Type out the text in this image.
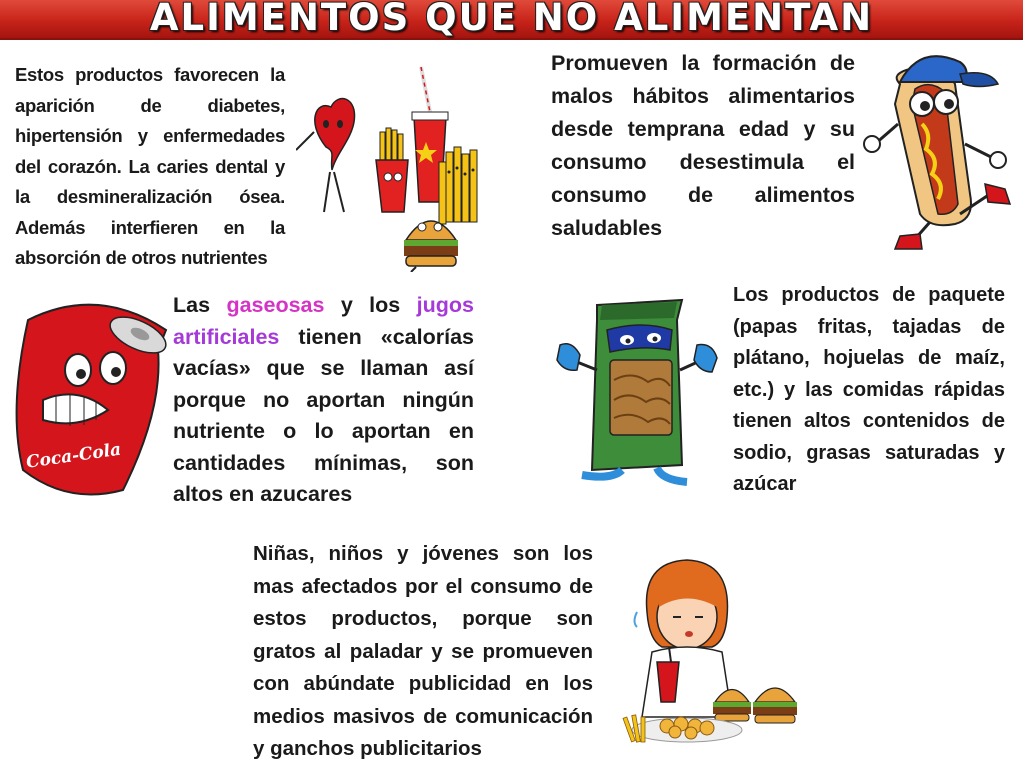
ALIMENTOS QUE NO ALIMENTAN
Estos productos favorecen la aparición de diabetes, hipertensión y enfermedades del corazón. La caries dental y la desmineralización ósea. Además interfieren en la absorción de otros nutrientes
Promueven la formación de malos hábitos alimentarios desde temprana edad y su consumo desestimula el consumo de alimentos saludables
Las gaseosas y los jugos artificiales tienen «calorías vacías» que se llaman así porque no aportan ningún nutriente o lo aportan en cantidades mínimas, son altos en azucares
Los productos de paquete (papas fritas, tajadas de plátano, hojuelas de maíz, etc.) y las comidas rápidas tienen altos contenidos de sodio, grasas saturadas y azúcar
Niñas, niños y jóvenes son los mas afectados por el consumo de estos productos, porque son gratos al paladar y se promueven con abúndate publicidad en los medios masivos de comunicación y ganchos publicitarios
Coca-Cola
